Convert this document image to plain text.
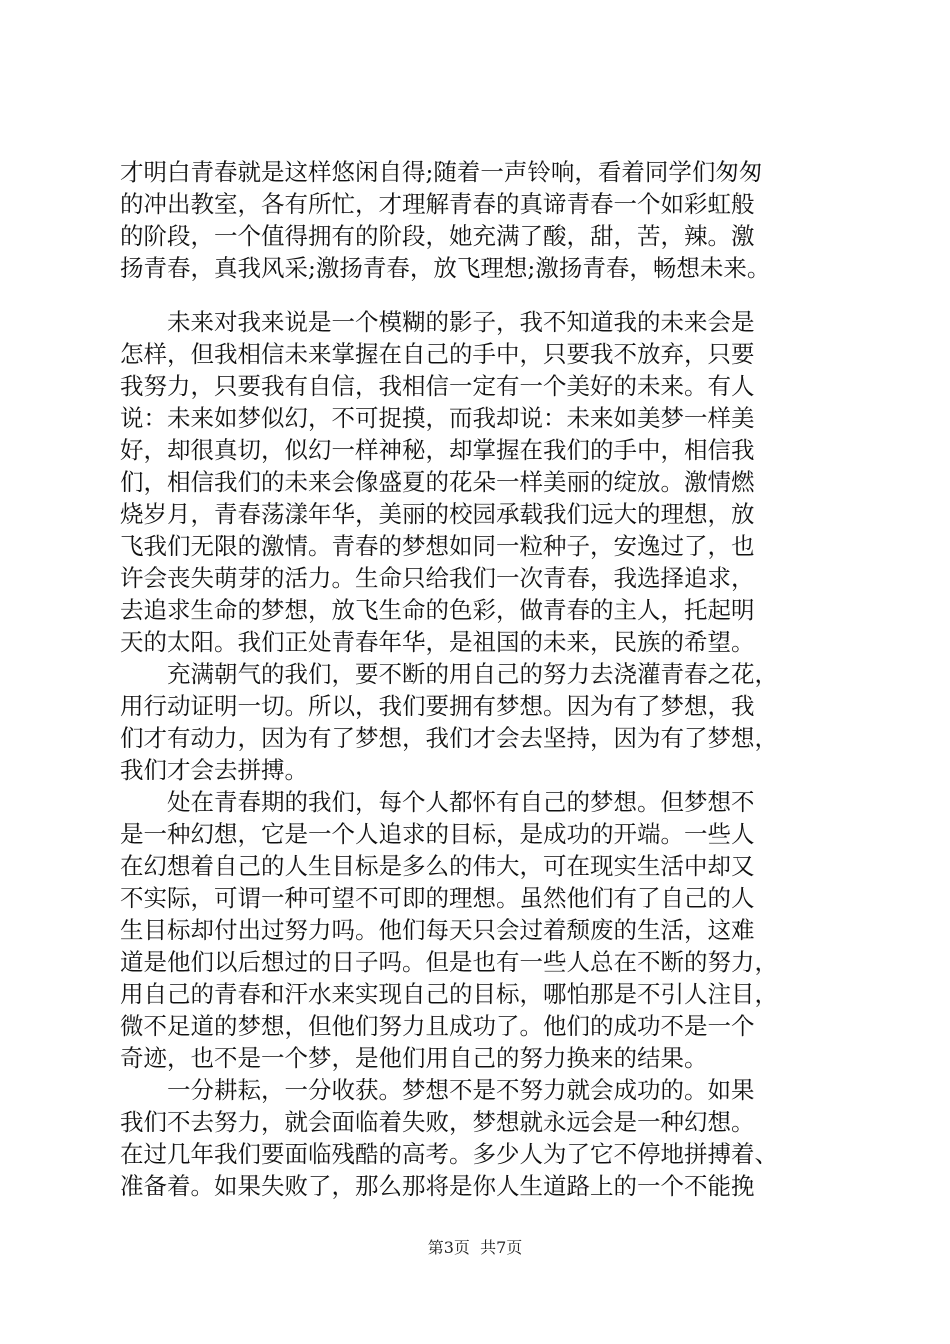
才明白青春就是这样悠闲自得;随着一声铃响，看着同学们匆匆
的冲出教室，各有所忙，才理解青春的真谛青春一个如彩虹般
的阶段，一个值得拥有的阶段，她充满了酸，甜，苦，辣。激
扬青春，真我风采;激扬青春，放飞理想;激扬青春，畅想未来。
　　未来对我来说是一个模糊的影子，我不知道我的未来会是
怎样，但我相信未来掌握在自己的手中，只要我不放弃，只要
我努力，只要我有自信，我相信一定有一个美好的未来。有人
说：未来如梦似幻，不可捉摸，而我却说：未来如美梦一样美
好，却很真切，似幻一样神秘，却掌握在我们的手中，相信我
们，相信我们的未来会像盛夏的花朵一样美丽的绽放。激情燃
烧岁月，青春荡漾年华，美丽的校园承载我们远大的理想，放
飞我们无限的激情。青春的梦想如同一粒种子，安逸过了，也
许会丧失萌芽的活力。生命只给我们一次青春，我选择追求，
去追求生命的梦想，放飞生命的色彩，做青春的主人，托起明
天的太阳。我们正处青春年华，是祖国的未来，民族的希望。
　　充满朝气的我们，要不断的用自己的努力去浇灌青春之花，
用行动证明一切。所以，我们要拥有梦想。因为有了梦想，我
们才有动力，因为有了梦想，我们才会去坚持，因为有了梦想，
我们才会去拼搏。
　　处在青春期的我们，每个人都怀有自己的梦想。但梦想不
是一种幻想，它是一个人追求的目标，是成功的开端。一些人
在幻想着自己的人生目标是多么的伟大，可在现实生活中却又
不实际，可谓一种可望不可即的理想。虽然他们有了自己的人
生目标却付出过努力吗。他们每天只会过着颓废的生活，这难
道是他们以后想过的日子吗。但是也有一些人总在不断的努力，
用自己的青春和汗水来实现自己的目标，哪怕那是不引人注目，
微不足道的梦想，但他们努力且成功了。他们的成功不是一个
奇迹，也不是一个梦，是他们用自己的努力换来的结果。
　　一分耕耘，一分收获。梦想不是不努力就会成功的。如果
我们不去努力，就会面临着失败，梦想就永远会是一种幻想。
在过几年我们要面临残酷的高考。多少人为了它不停地拼搏着、
准备着。如果失败了，那么那将是你人生道路上的一个不能挽
第3页 共7页
